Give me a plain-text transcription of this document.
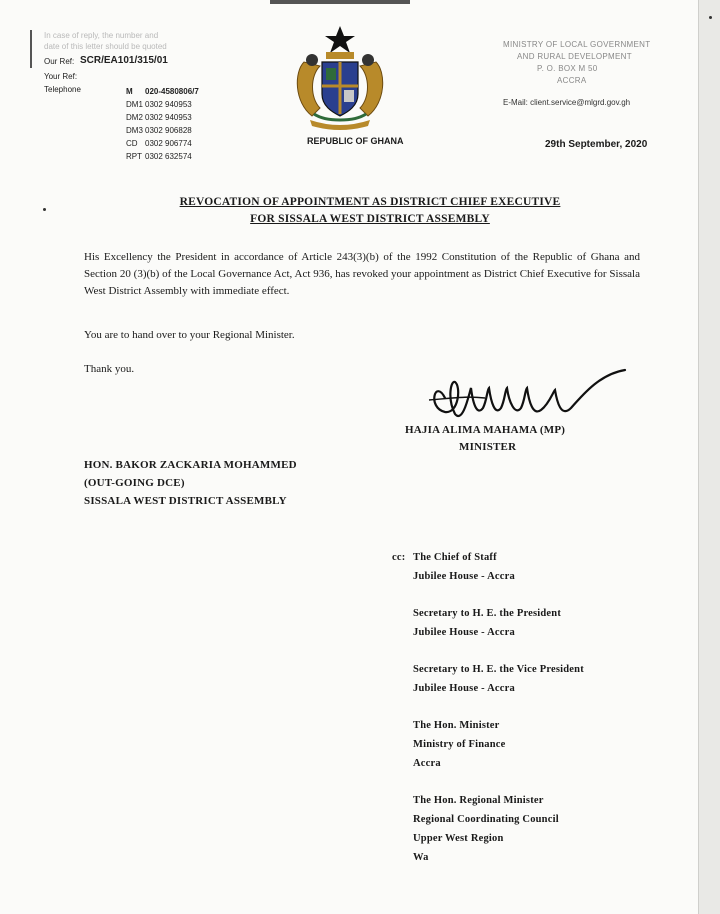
In case of reply, the number and
date of this letter should be quoted
Our Ref: SCR/EA101/315/01
Your Ref:
Telephone	M 020-4580806/7
DM1 0302 940953
DM2 0302 940953
DM3 0302 906828
CD 0302 906774
RPT 0302 632574
REPUBLIC OF GHANA
MINISTRY OF LOCAL GOVERNMENT
AND RURAL DEVELOPMENT
P. O. BOX M 50
ACCRA
E-Mail: client.service@mlgrd.gov.gh
29th September, 2020
REVOCATION OF APPOINTMENT AS DISTRICT CHIEF EXECUTIVE
FOR SISSALA WEST DISTRICT ASSEMBLY
His Excellency the President in accordance of Article 243(3)(b) of the 1992 Constitution of the Republic of Ghana and Section 20 (3)(b) of the Local Governance Act, Act 936, has revoked your appointment as District Chief Executive for Sissala West District Assembly with immediate effect.
You are to hand over to your Regional Minister.
Thank you.
HAJIA ALIMA MAHAMA (MP)
MINISTER
HON. BAKOR ZACKARIA MOHAMMED
(OUT-GOING DCE)
SISSALA WEST DISTRICT ASSEMBLY
cc: The Chief of Staff
Jubilee House - Accra
Secretary to H. E. the President
Jubilee House - Accra
Secretary to H. E. the Vice President
Jubilee House - Accra
The Hon. Minister
Ministry of Finance
Accra
The Hon. Regional Minister
Regional Coordinating Council
Upper West Region
Wa
